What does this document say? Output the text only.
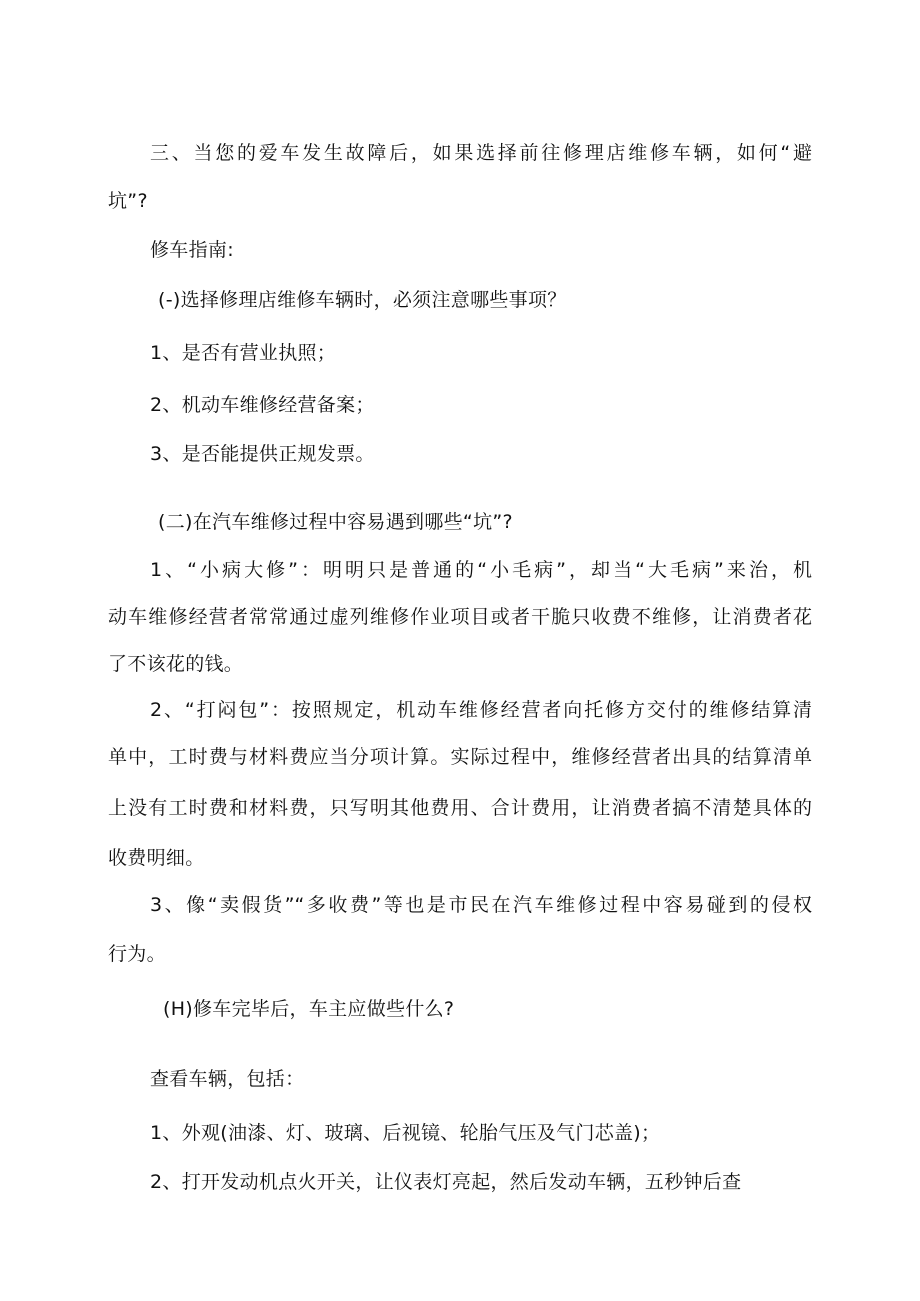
三、当您的爱车发生故障后，如果选择前往修理店维修车辆，如何“避
坑”?
修车指南:
(-)选择修理店维修车辆时，必须注意哪些事项？
1、是否有营业执照；
2、机动车维修经营备案；
3、是否能提供正规发票。
(二)在汽车维修过程中容易遇到哪些“坑”?
1、“小病大修”：明明只是普通的“小毛病”，却当“大毛病”来治，机
动车维修经营者常常通过虚列维修作业项目或者干脆只收费不维修，让消费者花
了不该花的钱。
2、“打闷包”：按照规定，机动车维修经营者向托修方交付的维修结算清
单中，工时费与材料费应当分项计算。实际过程中，维修经营者出具的结算清单
上没有工时费和材料费，只写明其他费用、合计费用，让消费者搞不清楚具体的
收费明细。
3、像“卖假货”“多收费”等也是市民在汽车维修过程中容易碰到的侵权
行为。
(H)修车完毕后，车主应做些什么?
查看车辆，包括：
1、外观(油漆、灯、玻璃、后视镜、轮胎气压及气门芯盖)；
2、打开发动机点火开关，让仪表灯亮起，然后发动车辆，五秒钟后查
